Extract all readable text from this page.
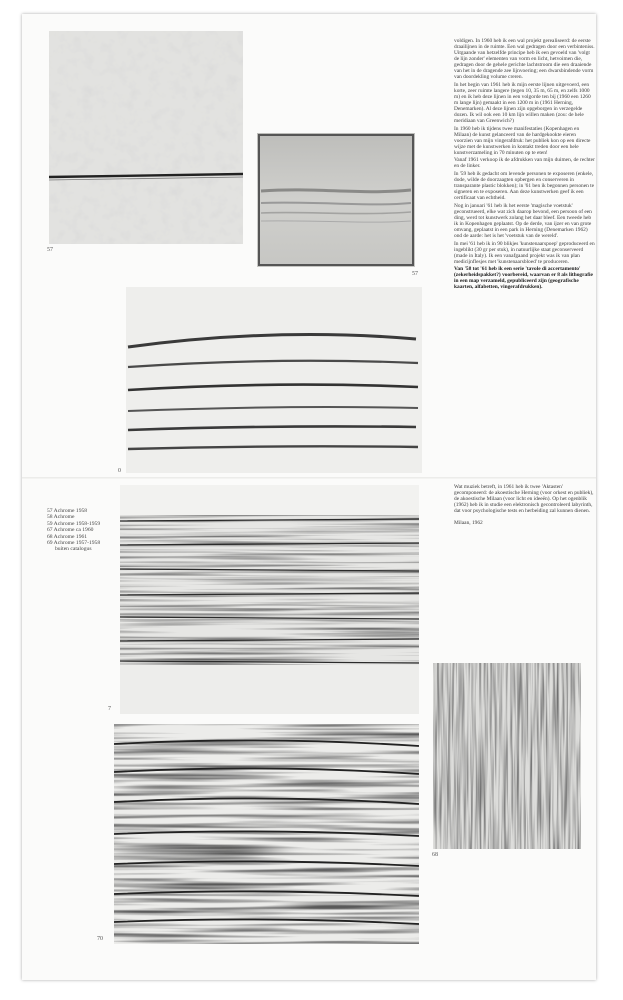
57
57
0
7
70
68

voldigen. In 1960 heb ik een wal projekt gerealiseerd: de eerste draailijnen in de ruimte. Een wal gedragen door een verbinteniss. Uitgaande van hetzelfde principe heb ik een gevoeld van 'volgt de lijn zonder' elementen van vorm en licht, hetvoimen die, gedragen door de gehele gerichte lachtstroom die een draaiende van het in de dragende zee lijnvoering; een dwarsbindende vorm van doordekling volume creren.

In het begin van 1961 heb ik mijn eerste lijnen uitgevoerd, een korte, zeer ruimte langere (tegen 10, 35 m, 65 m, en zelfs 1000 m) en ik heb deze lijnen in een volgorde ten bij (1960 een 1260 m lange lijn) gemaakt in een 1200 m in (1961 Herning, Denemarken). Al deze lijnen zijn opgeborgen in verzegelde dozen. Ik wil ook een 10 km lijn willen maken (zou: de hele meridiaan van Greenwich?)

In 1960 heb ik tijdens twee manifestaties (Kopenhagen en Milaan) de kunst gelanceerd van de hardgekookte eieren voorzien van mijn vingerafdruk: het publiek kon op een directe wijze met de kunstwerken in kontakt treden door een hele kunstverzameling in 70 minuten op te eten!

Vanaf 1961 verkoop ik de afdrukken van mijn duimen, de rechter en de linker.

In '59 heb ik gedacht om levende personen te exposeren (enkele, dode, wilde de doorzaagten opbergen en conserveren in transparante plastic blokken); in '61 ben ik begonnen personen te signeren en te exposeren. Aan deze kunstwerken geef ik een certificaat van echtheid.

Nog in januari '61 heb ik het eerste 'magische voetstuk' geconstrueerd, elke wat zich daarop bevond, een persoon of een ding, werd tot kunstwerk zolang het daar bleef. Een tweede heb ik in Kopenhagen geplaatst. Op de derde, van ijzer en van grote omvang, geplaatst in een park in Herning (Denemarken 1962) ond de aarde: het is het 'voetstuk van de wereld'.

In mei '61 heb ik in 90 blikjes 'kunstenaarspoep' geproduceerd en ingeblikt (30 gr per stuk), in natuurlijke staat geconserveerd (made in Italy). Ik een vanafgaand projekt was ik van plan medicijnflesjes met 'kunstenaarsbloed' te produceren.

Van '58 tot '61 heb ik een serie 'tavole di accertamento' (zekerheidspakket?) voorbereid, waarvan er 8 als lithografie in een map verzameld, gepubliceerd zijn (geografische kaarten, alfabetten, vingerafdrukken).

Wat muziek betreft, in 1961 heb ik twee 'Aktasten' gecomponeerd: de akoestische Herning (voor orkest en publiek), de akoestische Milaan (voor licht en ideeën). Op het ogenblik (1962) heb ik in studie een elektronisch gecontroleerd labyrinth, dat voor psychologische tests en herbeiding zal kunnen dienen.

Milaan, 1962
57 Achrome 1958
58 Achrome
59 Achrome 1958-1959
67 Achrome ca 1960
68 Achrome 1961
69 Achrome 1957-1958
buiten catalogus
